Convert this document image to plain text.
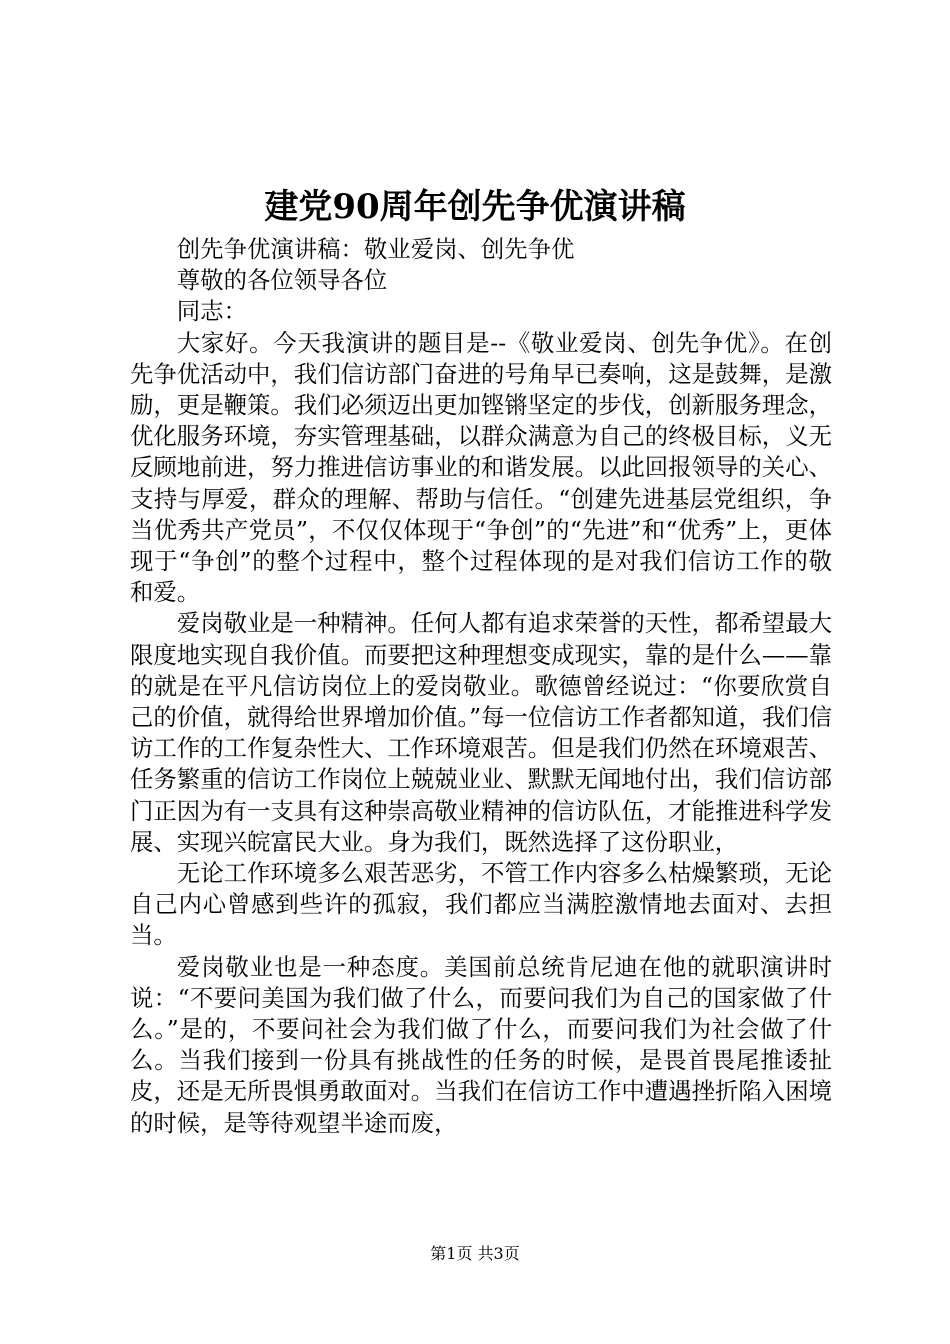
建党90周年创先争优演讲稿

创先争优演讲稿：敬业爱岗、创先争优

尊敬的各位领导各位

同志：

大家好。今天我演讲的题目是--《敬业爱岗、创先争优》。在创先争优活动中，我们信访部门奋进的号角早已奏响，这是鼓舞，是激励，更是鞭策。我们必须迈出更加铿锵坚定的步伐，创新服务理念，优化服务环境，夯实管理基础，以群众满意为自己的终极目标，义无反顾地前进，努力推进信访事业的和谐发展。以此回报领导的关心、支持与厚爱，群众的理解、帮助与信任。“创建先进基层党组织，争当优秀共产党员”，不仅仅体现于“争创”的“先进”和“优秀”上，更体现于“争创”的整个过程中，整个过程体现的是对我们信访工作的敬和爱。

爱岗敬业是一种精神。任何人都有追求荣誉的天性，都希望最大限度地实现自我价值。而要把这种理想变成现实，靠的是什么——靠的就是在平凡信访岗位上的爱岗敬业。歌德曾经说过：“你要欣赏自己的价值，就得给世界增加价值。”每一位信访工作者都知道，我们信访工作的工作复杂性大、工作环境艰苦。但是我们仍然在环境艰苦、任务繁重的信访工作岗位上兢兢业业、默默无闻地付出，我们信访部门正因为有一支具有这种崇高敬业精神的信访队伍，才能推进科学发展、实现兴皖富民大业。身为我们，既然选择了这份职业，

无论工作环境多么艰苦恶劣，不管工作内容多么枯燥繁琐，无论自己内心曾感到些许的孤寂，我们都应当满腔激情地去面对、去担当。

爱岗敬业也是一种态度。美国前总统肯尼迪在他的就职演讲时说：“不要问美国为我们做了什么，而要问我们为自己的国家做了什么。”是的，不要问社会为我们做了什么，而要问我们为社会做了什么。当我们接到一份具有挑战性的任务的时候，是畏首畏尾推诿扯皮，还是无所畏惧勇敢面对。当我们在信访工作中遭遇挫折陷入困境的时候，是等待观望半途而废，

第1页 共3页
